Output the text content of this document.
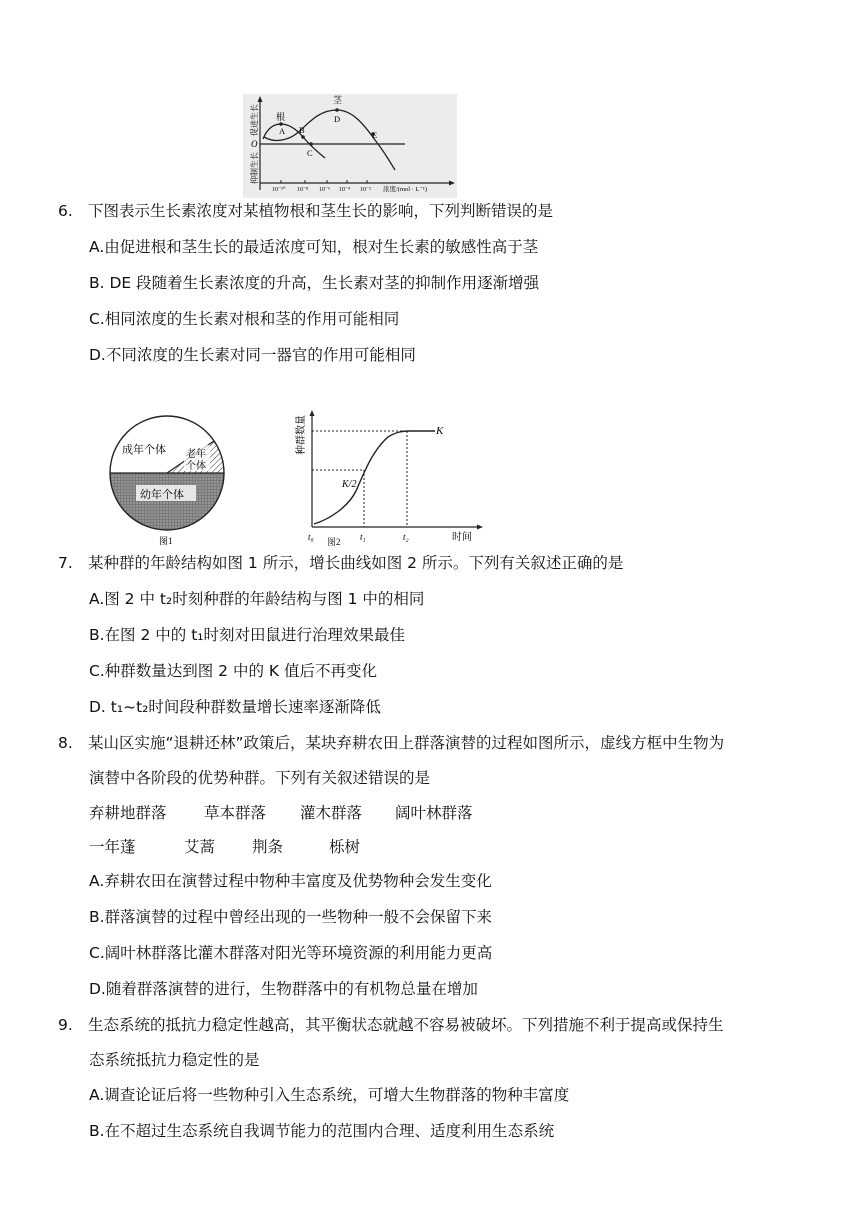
根
茎
A B
C
D
E
O
10⁻¹⁰ 10⁻⁸ 10⁻⁶ 10⁻⁴ 10⁻² 浓度/(mol · L⁻¹)
促进生长
抑制生长
6. 下图表示生长素浓度对某植物根和茎生长的影响，下列判断错误的是
A.由促进根和茎生长的最适浓度可知，根对生长素的敏感性高于茎
B. DE 段随着生长素浓度的升高，生长素对茎的抑制作用逐渐增强
C.相同浓度的生长素对根和茎的作用可能相同
D.不同浓度的生长素对同一器官的作用可能相同
成年个体 老年
个体
幼年个体
图1
K
K/2
种群数量
t₀	t₁	t₂	时间
图2
7. 某种群的年龄结构如图 1 所示，增长曲线如图 2 所示。下列有关叙述正确的是
A.图 2 中 t₂时刻种群的年龄结构与图 1 中的相同
B.在图 2 中的 t₁时刻对田鼠进行治理效果最佳
C.种群数量达到图 2 中的 K 值后不再变化
D. t₁~t₂时间段种群数量增长速率逐渐降低
8. 某山区实施“退耕还林”政策后，某块弃耕农田上群落演替的过程如图所示，虚线方框中生物为
演替中各阶段的优势种群。下列有关叙述错误的是
弃耕地群落 草本群落 灌木群落 阔叶林群落
一年蓬	艾蒿 荆条	栎树
A.弃耕农田在演替过程中物种丰富度及优势物种会发生变化
B.群落演替的过程中曾经出现的一些物种一般不会保留下来
C.阔叶林群落比灌木群落对阳光等环境资源的利用能力更高
D.随着群落演替的进行，生物群落中的有机物总量在增加
9. 生态系统的抵抗力稳定性越高，其平衡状态就越不容易被破坏。下列措施不利于提高或保持生
态系统抵抗力稳定性的是
A.调查论证后将一些物种引入生态系统，可增大生物群落的物种丰富度
B.在不超过生态系统自我调节能力的范围内合理、适度利用生态系统
